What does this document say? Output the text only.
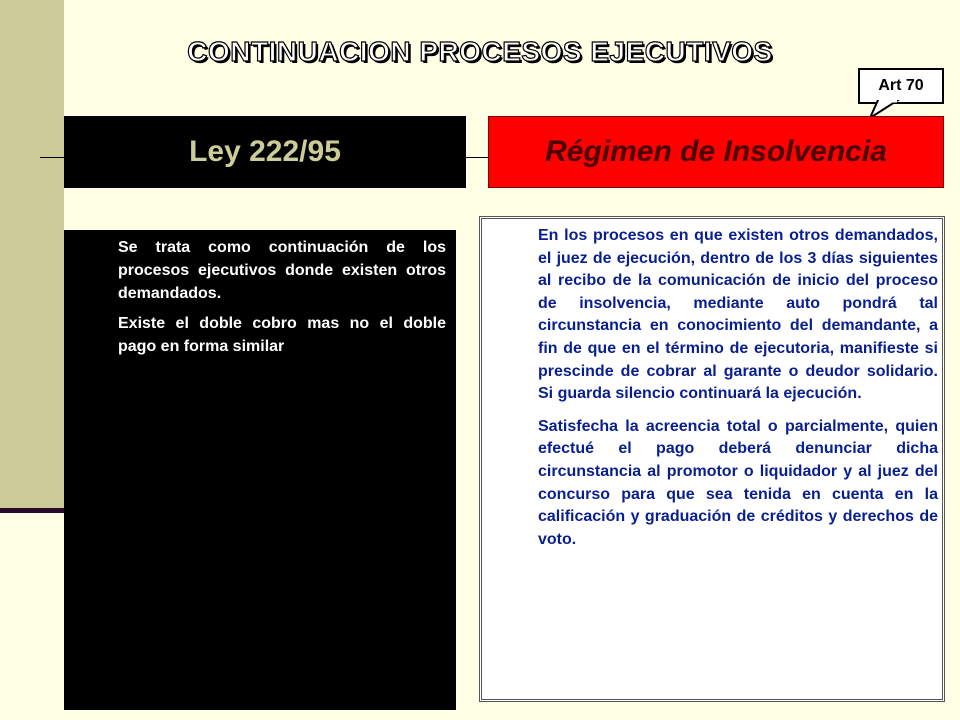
CONTINUACION PROCESOS EJECUTIVOS
Art 70
Ley 222/95	Régimen de Insolvencia

Se trata como continuación de los procesos ejecutivos donde existen otros demandados.

Existe el doble cobro mas no el doble pago en forma similar

En los procesos en que existen otros demandados, el juez de ejecución, dentro de los 3 días siguientes al recibo de la comunicación de inicio del proceso de insolvencia, mediante auto pondrá tal circunstancia en conocimiento del demandante, a fin de que en el término de ejecutoria, manifieste si prescinde de cobrar al garante o deudor solidario. Si guarda silencio continuará la ejecución.

Satisfecha la acreencia total o parcialmente, quien efectué el pago deberá denunciar dicha circunstancia al promotor o liquidador y al juez del concurso para que sea tenida en cuenta en la calificación y graduación de créditos y derechos de voto.
